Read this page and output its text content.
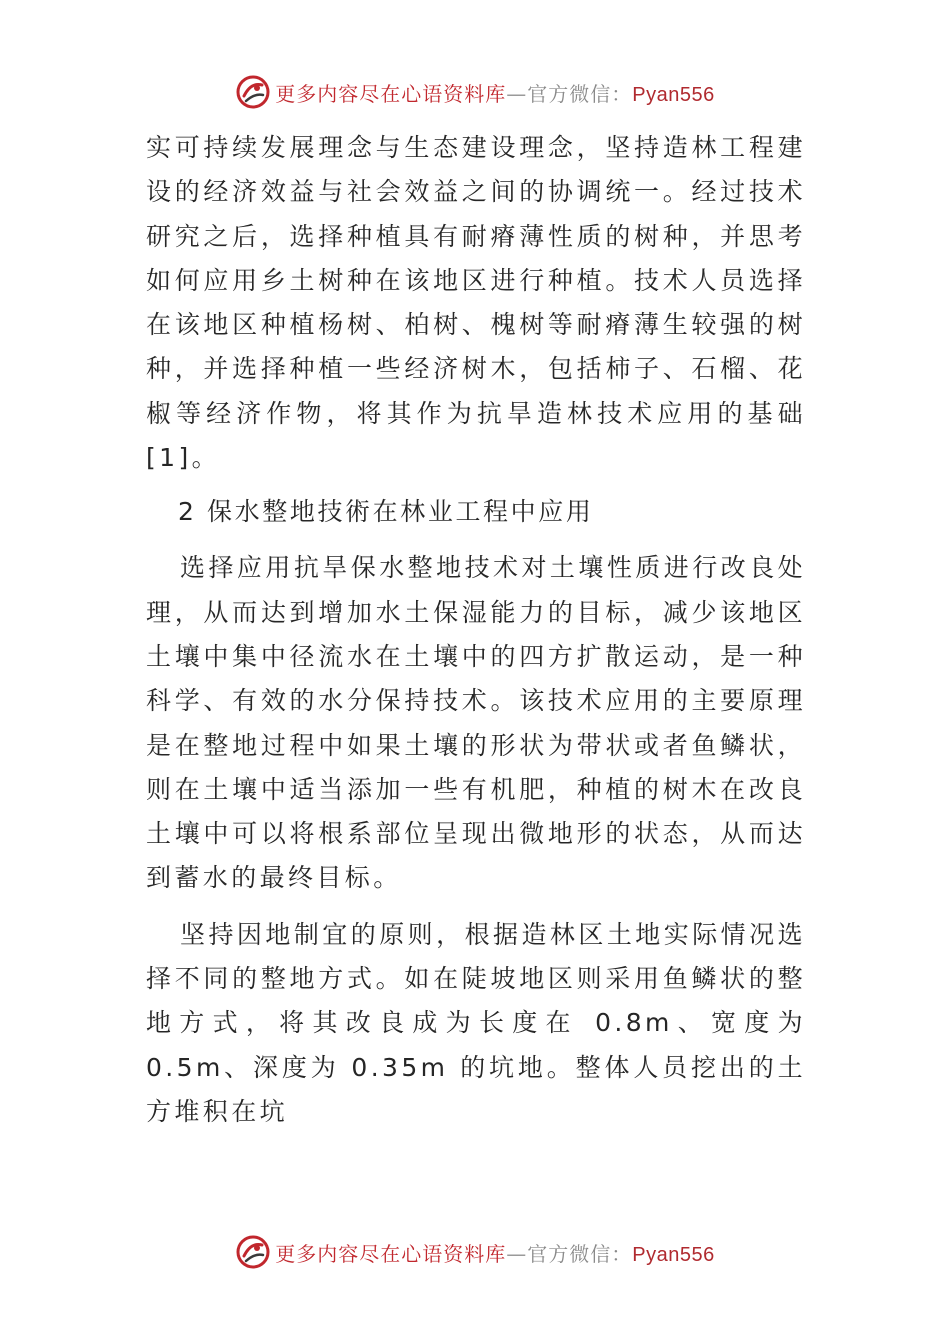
更多内容尽在心语资料库—官方微信：Pyan556

实可持续发展理念与生态建设理念，坚持造林工程建设的经济效益与社会效益之间的协调统一。经过技术研究之后，选择种植具有耐瘠薄性质的树种，并思考如何应用乡土树种在该地区进行种植。技术人员选择在该地区种植杨树、柏树、槐树等耐瘠薄生较强的树种，并选择种植一些经济树木，包括柿子、石榴、花椒等经济作物，将其作为抗旱造林技术应用的基础[1]。

2 保水整地技術在林业工程中应用

选择应用抗旱保水整地技术对土壤性质进行改良处理，从而达到增加水土保湿能力的目标，减少该地区土壤中集中径流水在土壤中的四方扩散运动，是一种科学、有效的水分保持技术。该技术应用的主要原理是在整地过程中如果土壤的形状为带状或者鱼鳞状，则在土壤中适当添加一些有机肥，种植的树木在改良土壤中可以将根系部位呈现出微地形的状态，从而达到蓄水的最终目标。

坚持因地制宜的原则，根据造林区土地实际情况选择不同的整地方式。如在陡坡地区则采用鱼鳞状的整地方式，将其改良成为长度在 0.8m、宽度为 0.5m、深度为 0.35m 的坑地。整体人员挖出的土方堆积在坑

更多内容尽在心语资料库—官方微信：Pyan556
